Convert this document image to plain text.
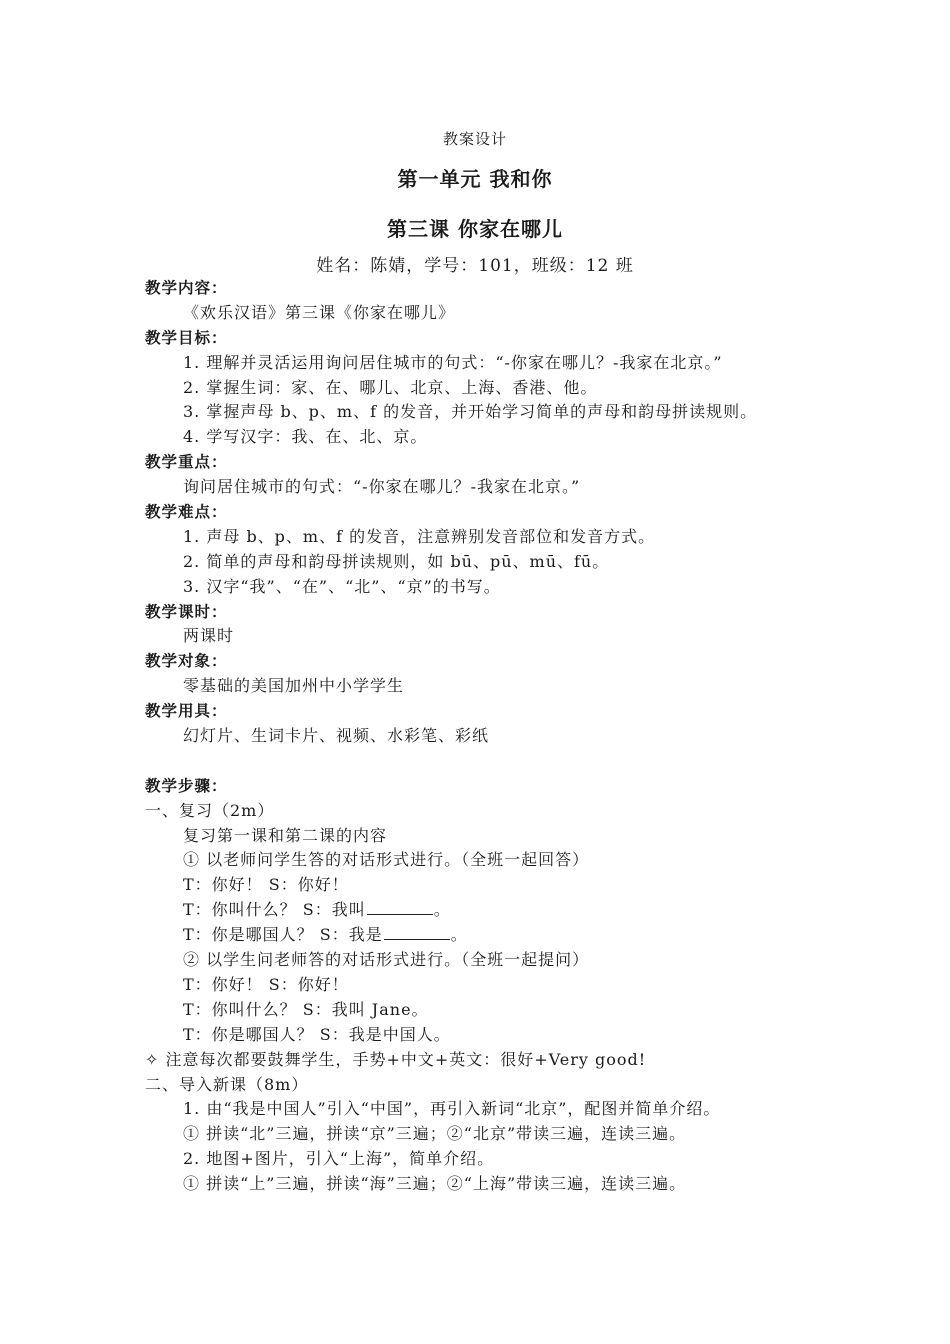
教案设计
第一单元 我和你
第三课 你家在哪儿
姓名：陈婧，学号：101，班级：12 班
教学内容：
《欢乐汉语》第三课《你家在哪儿》
教学目标：
1. 理解并灵活运用询问居住城市的句式：“-你家在哪儿？-我家在北京。”
2. 掌握生词：家、在、哪儿、北京、上海、香港、他。
3. 掌握声母 b、p、m、f 的发音，并开始学习简单的声母和韵母拼读规则。
4. 学写汉字：我、在、北、京。
教学重点：
询问居住城市的句式：“-你家在哪儿？-我家在北京。”
教学难点：
1. 声母 b、p、m、f 的发音，注意辨别发音部位和发音方式。
2. 简单的声母和韵母拼读规则，如 bū、pū、mū、fū。
3. 汉字“我”、“在”、“北”、“京”的书写。
教学课时：
两课时
教学对象：
零基础的美国加州中小学学生
教学用具：
幻灯片、生词卡片、视频、水彩笔、彩纸
教学步骤：
一、复习（2m）
复习第一课和第二课的内容
① 以老师问学生答的对话形式进行。（全班一起回答）
T：你好！ S：你好！
T：你叫什么？ S：我叫	。
T：你是哪国人？ S：我是	。
② 以学生问老师答的对话形式进行。（全班一起提问）
T：你好！ S：你好！
T：你叫什么？ S：我叫 Jane。
T：你是哪国人？ S：我是中国人。
✧ 注意每次都要鼓舞学生，手势+中文+英文：很好+Very good!
二、导入新课（8m）
1. 由“我是中国人”引入“中国”，再引入新词“北京”，配图并简单介绍。
① 拼读“北”三遍，拼读“京”三遍；②“北京”带读三遍，连读三遍。
2. 地图+图片，引入“上海”，简单介绍。
① 拼读“上”三遍，拼读“海”三遍；②“上海”带读三遍，连读三遍。
